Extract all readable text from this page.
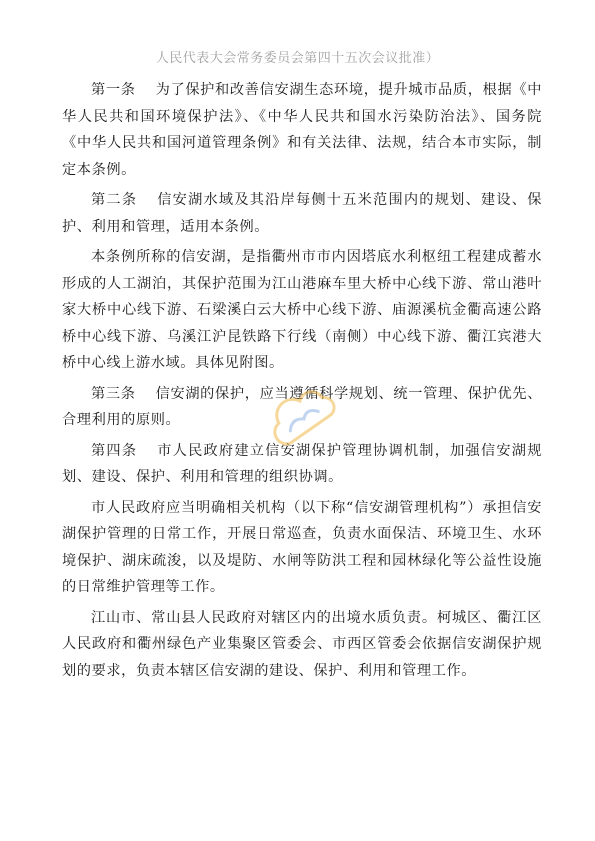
人民代表大会常务委员会第四十五次会议批准）

第一条 为了保护和改善信安湖生态环境，提升城市品质，根据《中华人民共和国环境保护法》、《中华人民共和国水污染防治法》、国务院《中华人民共和国河道管理条例》和有关法律、法规，结合本市实际，制定本条例。

第二条 信安湖水域及其沿岸每侧十五米范围内的规划、建设、保护、利用和管理，适用本条例。

本条例所称的信安湖，是指衢州市市内因塔底水利枢纽工程建成蓄水形成的人工湖泊，其保护范围为江山港麻车里大桥中心线下游、常山港叶家大桥中心线下游、石梁溪白云大桥中心线下游、庙源溪杭金衢高速公路桥中心线下游、乌溪江沪昆铁路下行线（南侧）中心线下游、衢江宾港大桥中心线上游水域。具体见附图。

第三条 信安湖的保护，应当遵循科学规划、统一管理、保护优先、合理利用的原则。

第四条 市人民政府建立信安湖保护管理协调机制，加强信安湖规划、建设、保护、利用和管理的组织协调。

市人民政府应当明确相关机构（以下称“信安湖管理机构”）承担信安湖保护管理的日常工作，开展日常巡查，负责水面保洁、环境卫生、水环境保护、湖床疏浚，以及堤防、水闸等防洪工程和园林绿化等公益性设施的日常维护管理等工作。

江山市、常山县人民政府对辖区内的出境水质负责。柯城区、衢江区人民政府和衢州绿色产业集聚区管委会、市西区管委会依据信安湖保护规划的要求，负责本辖区信安湖的建设、保护、利用和管理工作。
